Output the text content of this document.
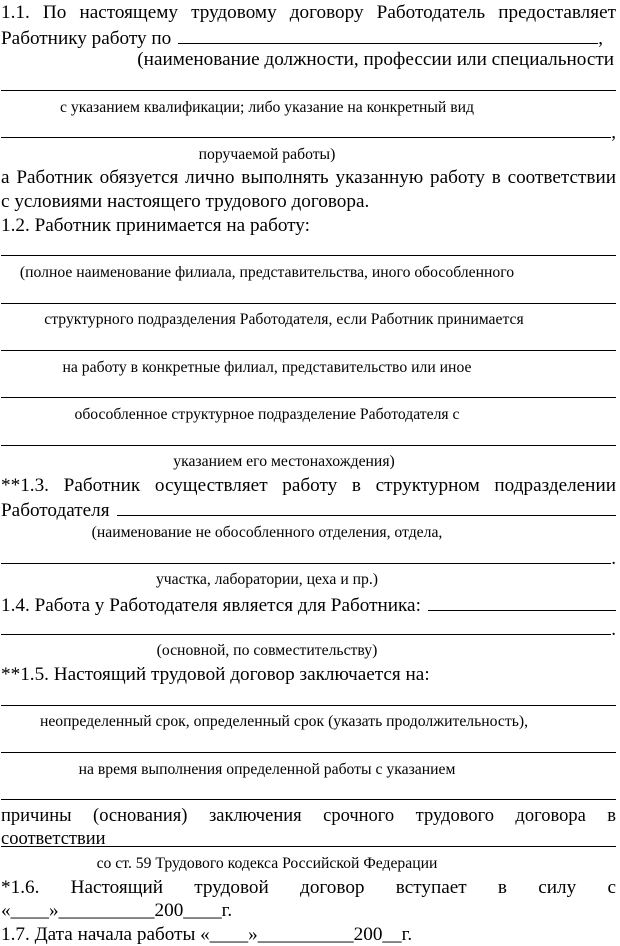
1.1. По настоящему трудовому договору Работодатель предоставляет
​ Работнику работу по	,
(наименование должности, профессии или специальности
​
с указанием квалификации; либо указание на конкретный вид
​ ,
поручаемой работы)
а Работник обязуется лично выполнять указанную работу в соответствии
с условиями настоящего трудового договора.
1.2. Работник принимается на работу:
​
(полное наименование филиала, представительства, иного обособленного
​
структурного подразделения Работодателя, если Работник принимается
​
на работу в конкретные филиал, представительство или иное
​
обособленное структурное подразделение Работодателя с
​
указанием его местонахождения)
**1.3. Работник осуществляет работу в структурном подразделении
​ Работодателя
(наименование не обособленного отделения, отдела,
​ .
участка, лаборатории, цеха и пр.)
​ 1.4. Работа у Работодателя является для Работника:
​ .
(основной, по совместительству)
**1.5. Настоящий трудовой договор заключается на:
​
неопределенный срок, определенный срок (указать продолжительность),
​
на время выполнения определенной работы с указанием
​
причины (основания) заключения срочного трудового договора в соответствии
​
со ст. 59 Трудового кодекса Российской Федерации
*1.6. Настоящий трудовой договор вступает в силу с
«____»__________200____г.
1.7. Дата начала работы «____»__________200__г.
